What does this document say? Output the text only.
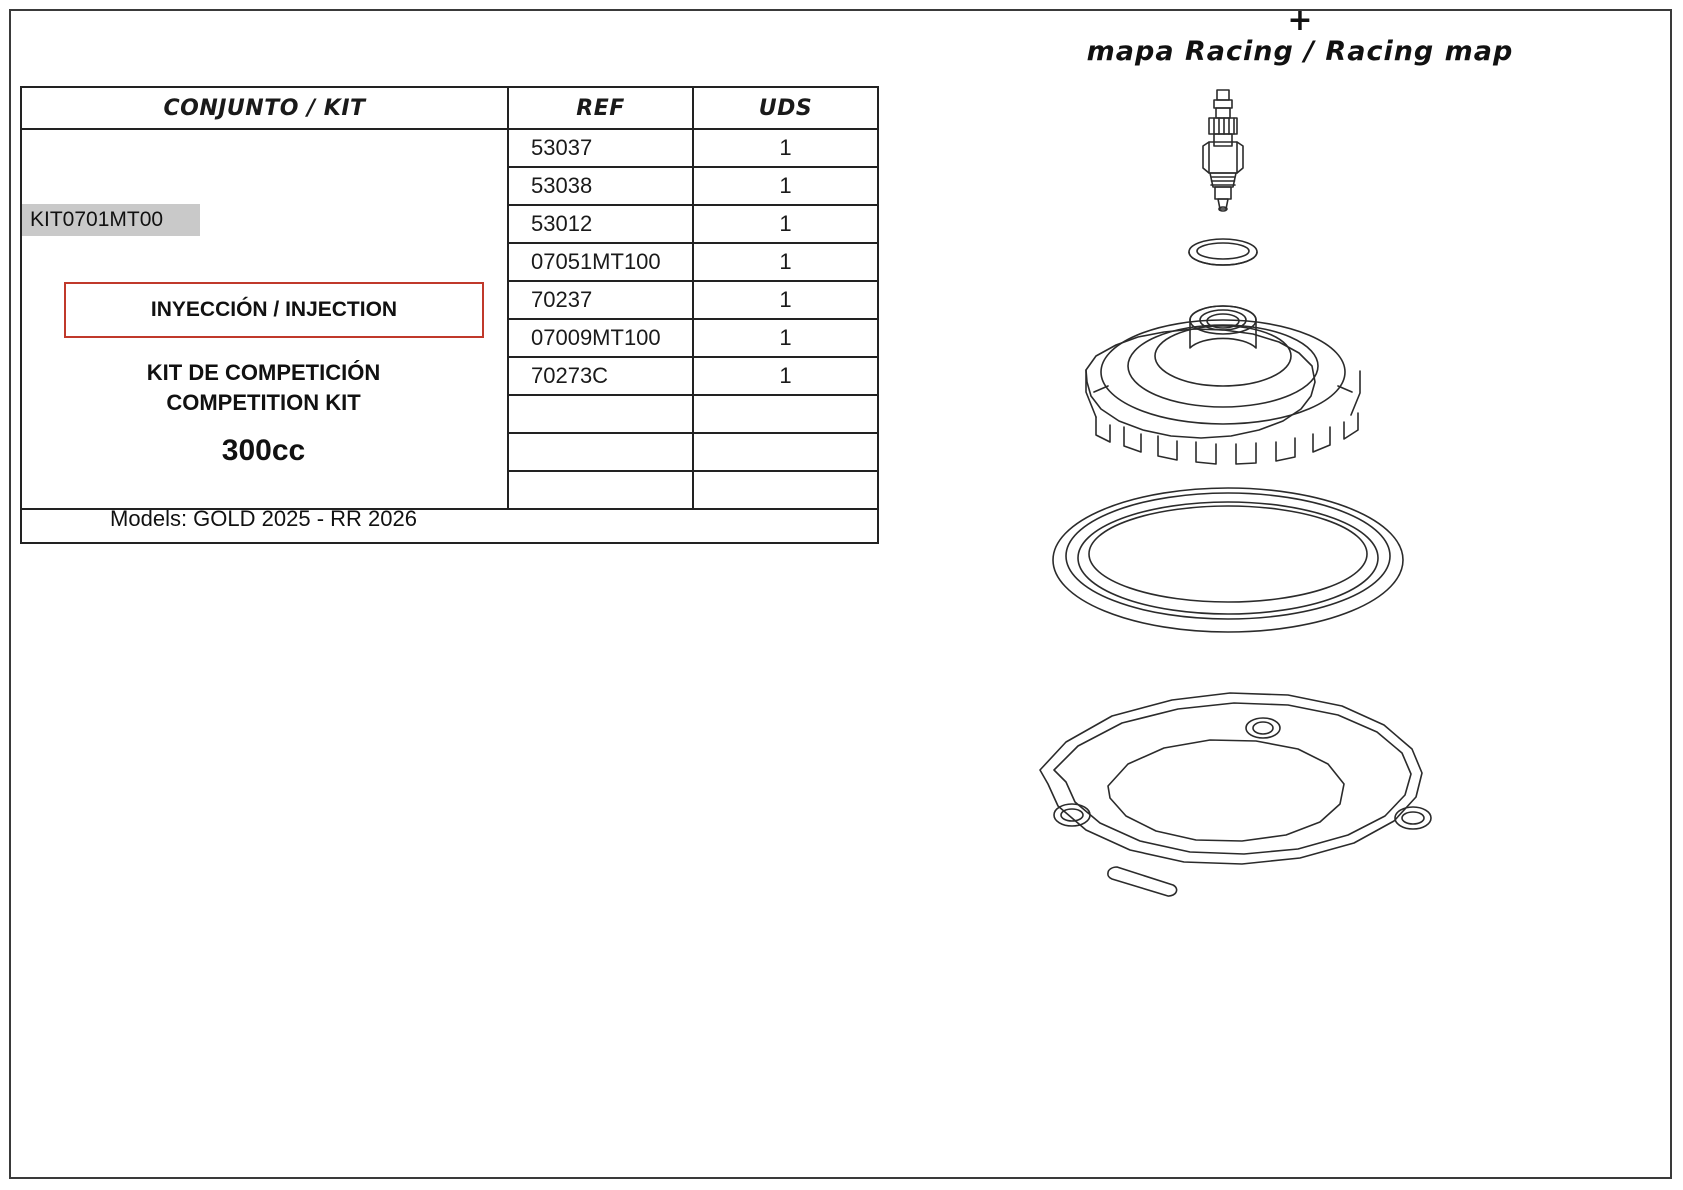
+
mapa Racing / Racing map
CONJUNTO / KIT	REF	UDS

KIT0701MT00
INYECCIÓN / INJECTION
KIT DE COMPETICIÓN
COMPETITION KIT
300cc
Models: GOLD 2025 - RR 2026
	53037	1
	53038	1
	53012	1
	07051MT100	1
	70237	1
	07009MT100	1
	70273C	1
